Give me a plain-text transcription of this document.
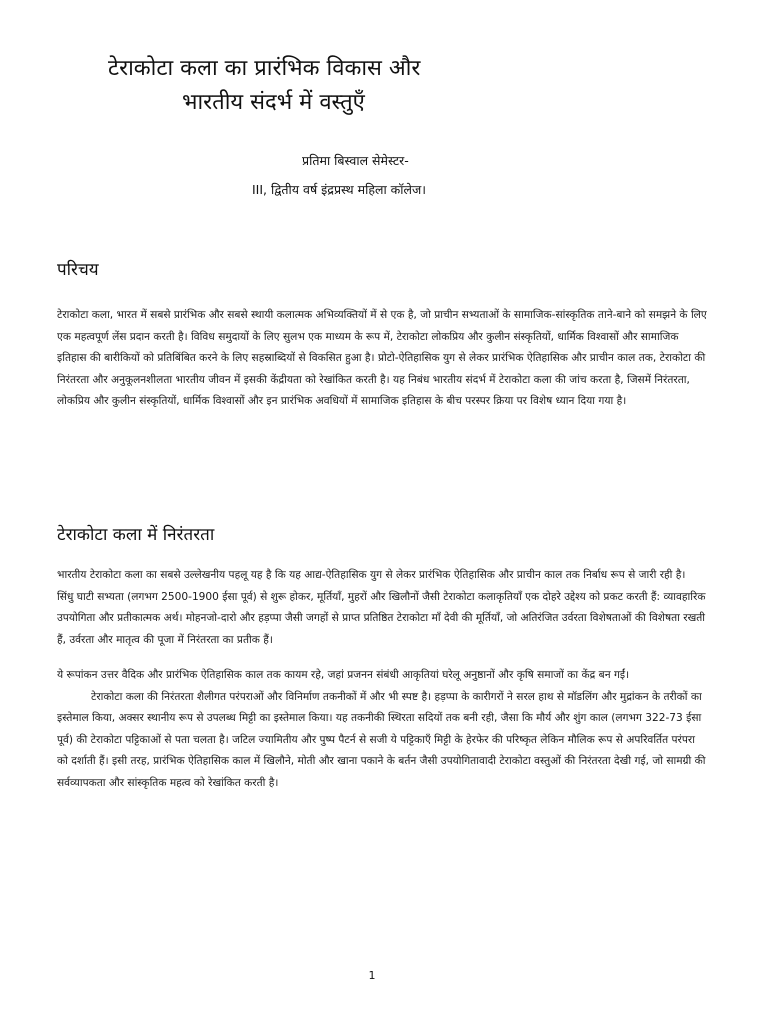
टेराकोटा कला का प्रारंभिक विकास और
भारतीय संदर्भ में वस्तुएँ
प्रतिमा बिस्वाल सेमेस्टर-
III, द्वितीय वर्ष इंद्रप्रस्थ महिला कॉलेज।
परिचय

टेराकोटा कला, भारत में सबसे प्रारंभिक और सबसे स्थायी कलात्मक अभिव्यक्तियों में से एक है, जो प्राचीन सभ्यताओं के सामाजिक-सांस्कृतिक ताने-बाने को समझने के लिए एक महत्वपूर्ण लेंस प्रदान करती है। विविध समुदायों के लिए सुलभ एक माध्यम के रूप में, टेराकोटा लोकप्रिय और कुलीन संस्कृतियों, धार्मिक विश्वासों और सामाजिक इतिहास की बारीकियों को प्रतिबिंबित करने के लिए सहस्राब्दियों से विकसित हुआ है। प्रोटो-ऐतिहासिक युग से लेकर प्रारंभिक ऐतिहासिक और प्राचीन काल तक, टेराकोटा की निरंतरता और अनुकूलनशीलता भारतीय जीवन में इसकी केंद्रीयता को रेखांकित करती है। यह निबंध भारतीय संदर्भ में टेराकोटा कला की जांच करता है, जिसमें निरंतरता, लोकप्रिय और कुलीन संस्कृतियों, धार्मिक विश्वासों और इन प्रारंभिक अवधियों में सामाजिक इतिहास के बीच परस्पर क्रिया पर विशेष ध्यान दिया गया है।

टेराकोटा कला में निरंतरता

भारतीय टेराकोटा कला का सबसे उल्लेखनीय पहलू यह है कि यह आद्य-ऐतिहासिक युग से लेकर प्रारंभिक ऐतिहासिक और प्राचीन काल तक निर्बाध रूप से जारी रही है।

सिंधु घाटी सभ्यता (लगभग 2500-1900 ईसा पूर्व) से शुरू होकर, मूर्तियाँ, मुहरों और खिलौनों जैसी टेराकोटा कलाकृतियाँ एक दोहरे उद्देश्य को प्रकट करती हैं: व्यावहारिक उपयोगिता और प्रतीकात्मक अर्थ। मोहनजो-दारो और हड़प्पा जैसी जगहों से प्राप्त प्रतिष्ठित टेराकोटा माँ देवी की मूर्तियाँ, जो अतिरंजित उर्वरता विशेषताओं की विशेषता रखती हैं, उर्वरता और मातृत्व की पूजा में निरंतरता का प्रतीक हैं।

ये रूपांकन उत्तर वैदिक और प्रारंभिक ऐतिहासिक काल तक कायम रहे, जहां प्रजनन संबंधी आकृतियां घरेलू अनुष्ठानों और कृषि समाजों का केंद्र बन गईं।

टेराकोटा कला की निरंतरता शैलीगत परंपराओं और विनिर्माण तकनीकों में और भी स्पष्ट है। हड़प्पा के कारीगरों ने सरल हाथ से मॉडलिंग और मुद्रांकन के तरीकों का इस्तेमाल किया, अक्सर स्थानीय रूप से उपलब्ध मिट्टी का इस्तेमाल किया। यह तकनीकी स्थिरता सदियों तक बनी रही, जैसा कि मौर्य और शुंग काल (लगभग 322-73 ईसा पूर्व) की टेराकोटा पट्टिकाओं से पता चलता है। जटिल ज्यामितीय और पुष्प पैटर्न से सजी ये पट्टिकाएँ मिट्टी के हेरफेर की परिष्कृत लेकिन मौलिक रूप से अपरिवर्तित परंपरा को दर्शाती हैं। इसी तरह, प्रारंभिक ऐतिहासिक काल में खिलौने, मोती और खाना पकाने के बर्तन जैसी उपयोगितावादी टेराकोटा वस्तुओं की निरंतरता देखी गई, जो सामग्री की सर्वव्यापकता और सांस्कृतिक महत्व को रेखांकित करती है।

1
